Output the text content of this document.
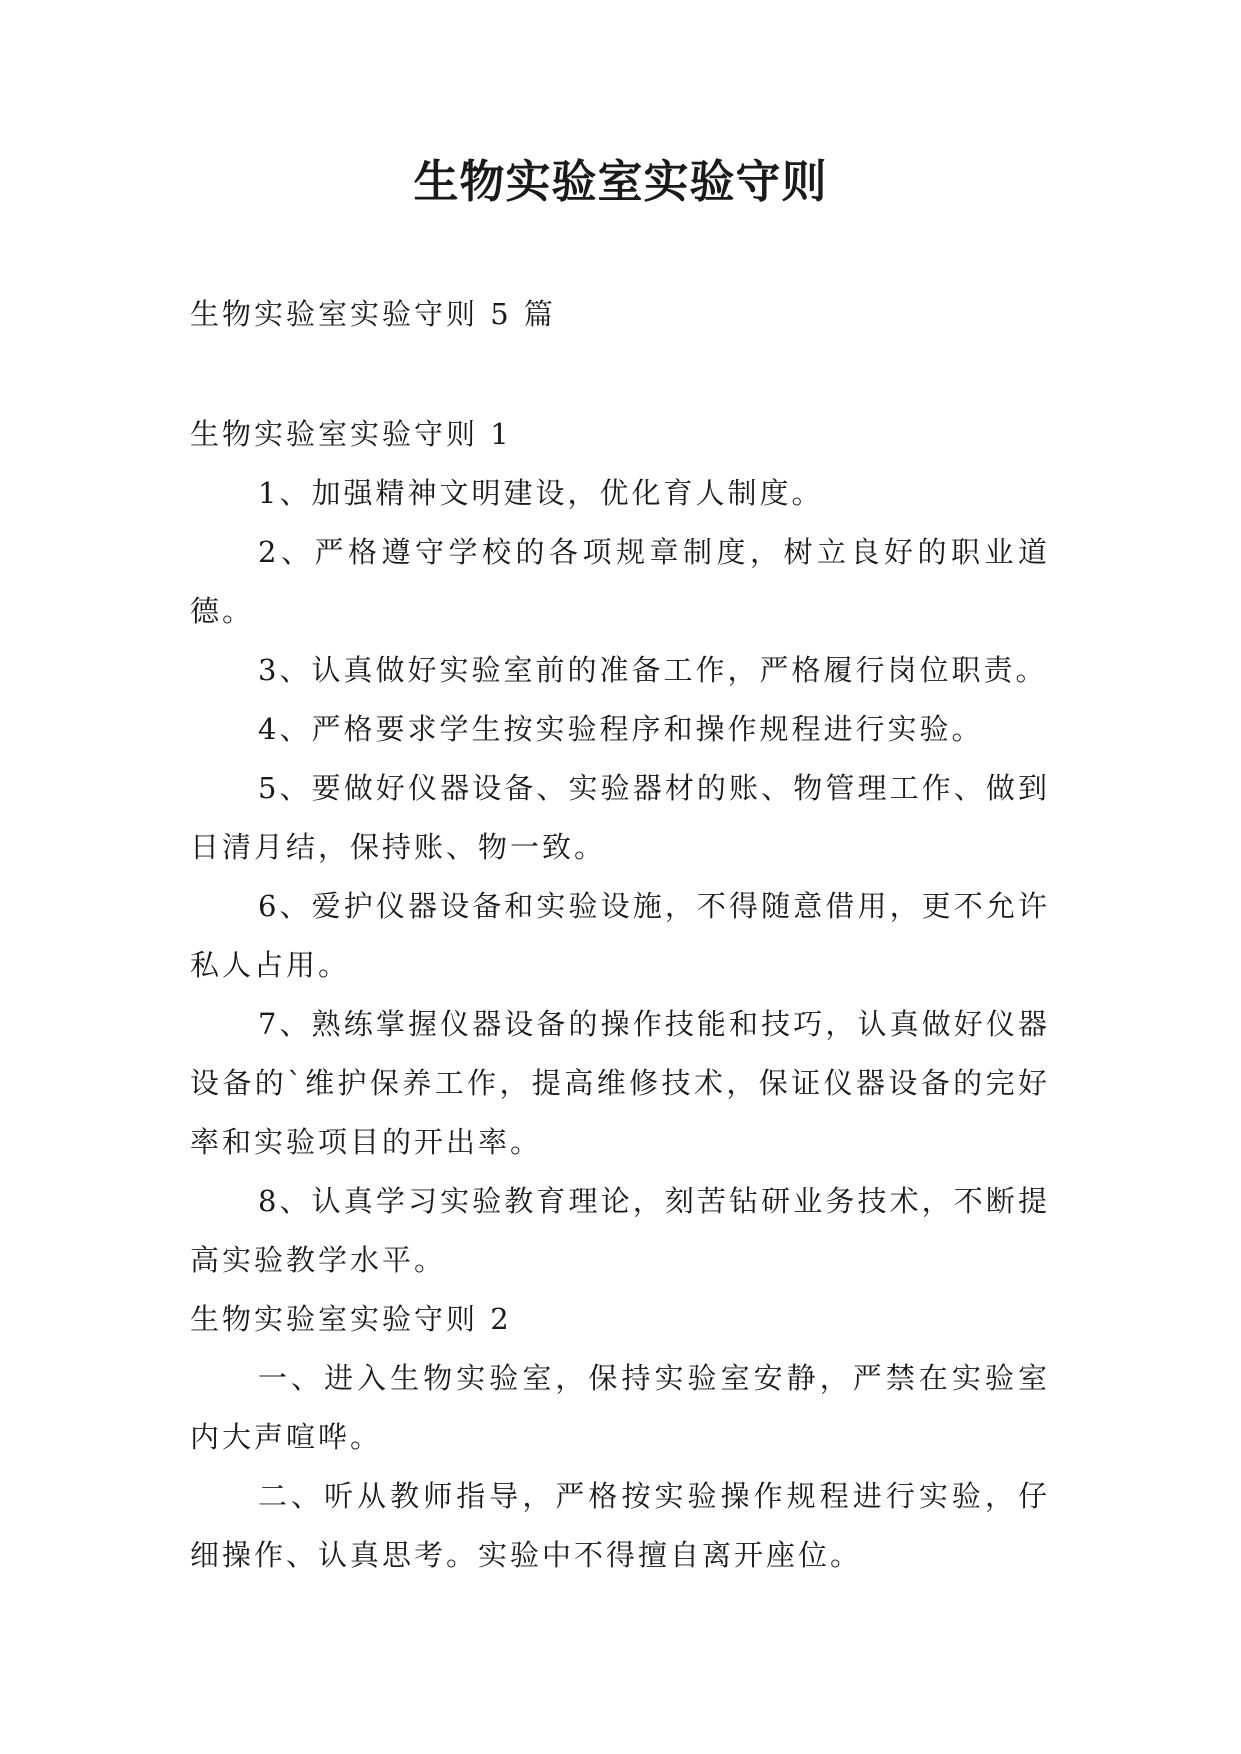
生物实验室实验守则

生物实验室实验守则 5 篇

生物实验室实验守则 1

1、加强精神文明建设，优化育人制度。

2、严格遵守学校的各项规章制度，树立良好的职业道德。

3、认真做好实验室前的准备工作，严格履行岗位职责。

4、严格要求学生按实验程序和操作规程进行实验。

5、要做好仪器设备、实验器材的账、物管理工作、做到日清月结，保持账、物一致。

6、爱护仪器设备和实验设施，不得随意借用，更不允许私人占用。

7、熟练掌握仪器设备的操作技能和技巧，认真做好仪器设备的`维护保养工作，提高维修技术，保证仪器设备的完好率和实验项目的开出率。

8、认真学习实验教育理论，刻苦钻研业务技术，不断提高实验教学水平。

生物实验室实验守则 2

一、进入生物实验室，保持实验室安静，严禁在实验室内大声喧哗。

二、听从教师指导，严格按实验操作规程进行实验，仔细操作、认真思考。实验中不得擅自离开座位。
